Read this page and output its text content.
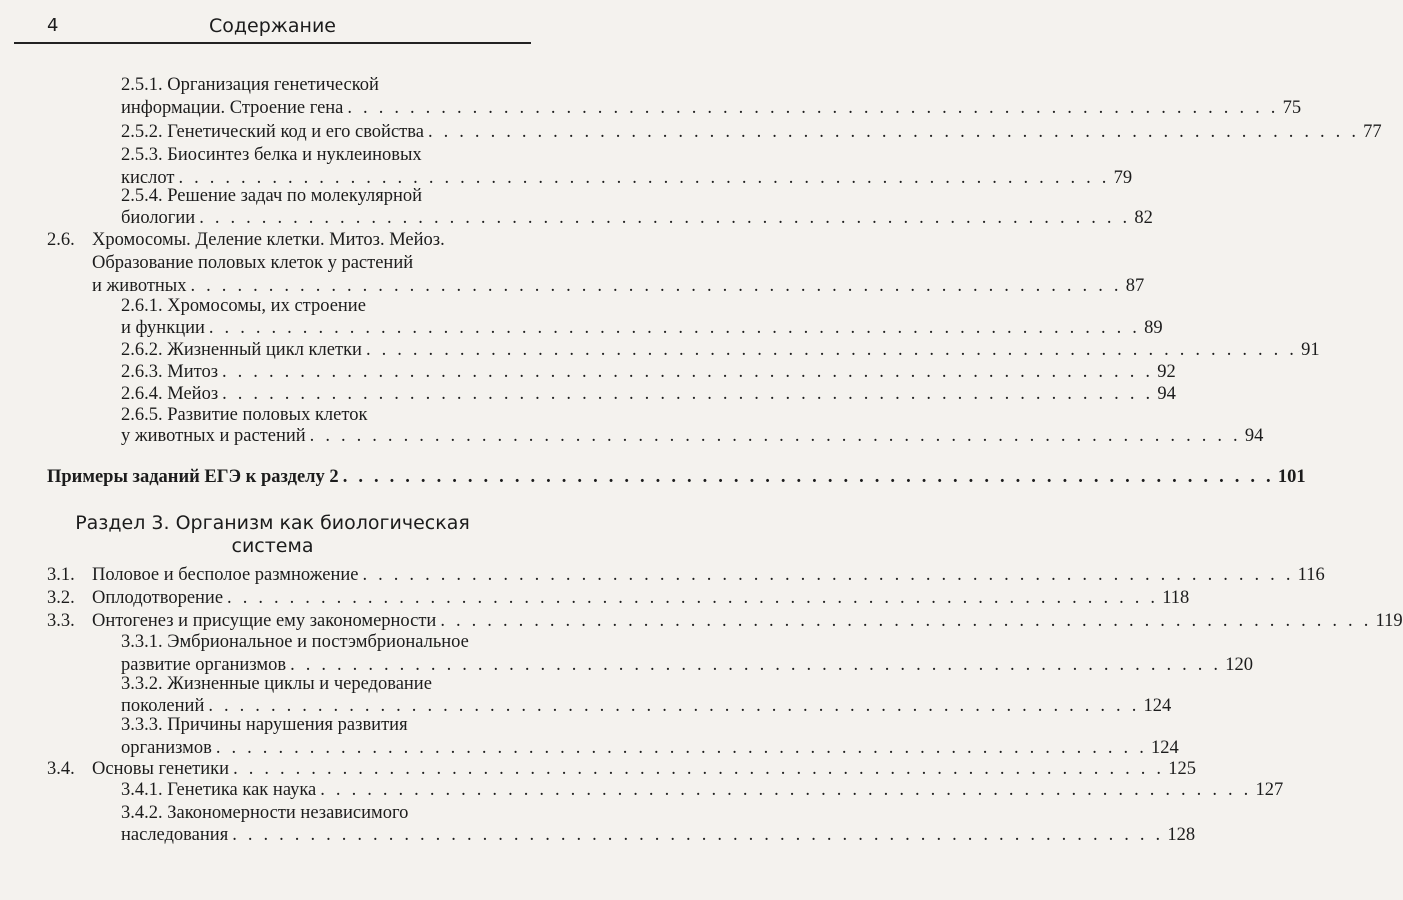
4	Содержание
2.5.1. Организация генетической
информации. Строение гена . . . . . . . . . . . . . . . . . . . . . . . . . . . . . . . . . . . . . . . . . . . . . . . . . . . . . . . . . . . . 75
2.5.2. Генетический код и его свойства . . . . . . . . . . . . . . . . . . . . . . . . . . . . . . . . . . . . . . . . . . . . . . . . . . . . . . . . . . . . 77
2.5.3. Биосинтез белка и нуклеиновых
кислот . . . . . . . . . . . . . . . . . . . . . . . . . . . . . . . . . . . . . . . . . . . . . . . . . . . . . . . . . . . . 79
2.5.4. Решение задач по молекулярной
биологии . . . . . . . . . . . . . . . . . . . . . . . . . . . . . . . . . . . . . . . . . . . . . . . . . . . . . . . . . . . . 82
2.6. Хромосомы. Деление клетки. Митоз. Мейоз.
Образование половых клеток у растений
и животных . . . . . . . . . . . . . . . . . . . . . . . . . . . . . . . . . . . . . . . . . . . . . . . . . . . . . . . . . . . . 87
2.6.1. Хромосомы, их строение
и функции . . . . . . . . . . . . . . . . . . . . . . . . . . . . . . . . . . . . . . . . . . . . . . . . . . . . . . . . . . . . 89
2.6.2. Жизненный цикл клетки . . . . . . . . . . . . . . . . . . . . . . . . . . . . . . . . . . . . . . . . . . . . . . . . . . . . . . . . . . . . 91
2.6.3. Митоз . . . . . . . . . . . . . . . . . . . . . . . . . . . . . . . . . . . . . . . . . . . . . . . . . . . . . . . . . . . . 92
2.6.4. Мейоз . . . . . . . . . . . . . . . . . . . . . . . . . . . . . . . . . . . . . . . . . . . . . . . . . . . . . . . . . . . . 94
2.6.5. Развитие половых клеток
у животных и растений . . . . . . . . . . . . . . . . . . . . . . . . . . . . . . . . . . . . . . . . . . . . . . . . . . . . . . . . . . . . 94
Примеры заданий ЕГЭ к разделу 2 . . . . . . . . . . . . . . . . . . . . . . . . . . . . . . . . . . . . . . . . . . . . . . . . . . . . . . . . . . . . 101
Раздел 3. Организм как биологическая
система
3.1. Половое и бесполое размножение . . . . . . . . . . . . . . . . . . . . . . . . . . . . . . . . . . . . . . . . . . . . . . . . . . . . . . . . . . . . 116
3.2. Оплодотворение . . . . . . . . . . . . . . . . . . . . . . . . . . . . . . . . . . . . . . . . . . . . . . . . . . . . . . . . . . . . 118
3.3. Онтогенез и присущие ему закономерности . . . . . . . . . . . . . . . . . . . . . . . . . . . . . . . . . . . . . . . . . . . . . . . . . . . . . . . . . . . . 119
3.3.1. Эмбриональное и постэмбриональное
развитие организмов . . . . . . . . . . . . . . . . . . . . . . . . . . . . . . . . . . . . . . . . . . . . . . . . . . . . . . . . . . . . 120
3.3.2. Жизненные циклы и чередование
поколений . . . . . . . . . . . . . . . . . . . . . . . . . . . . . . . . . . . . . . . . . . . . . . . . . . . . . . . . . . . . 124
3.3.3. Причины нарушения развития
организмов . . . . . . . . . . . . . . . . . . . . . . . . . . . . . . . . . . . . . . . . . . . . . . . . . . . . . . . . . . . . 124
3.4. Основы генетики . . . . . . . . . . . . . . . . . . . . . . . . . . . . . . . . . . . . . . . . . . . . . . . . . . . . . . . . . . . . 125
3.4.1. Генетика как наука . . . . . . . . . . . . . . . . . . . . . . . . . . . . . . . . . . . . . . . . . . . . . . . . . . . . . . . . . . . . 127
3.4.2. Закономерности независимого
наследования . . . . . . . . . . . . . . . . . . . . . . . . . . . . . . . . . . . . . . . . . . . . . . . . . . . . . . . . . . . . 128
